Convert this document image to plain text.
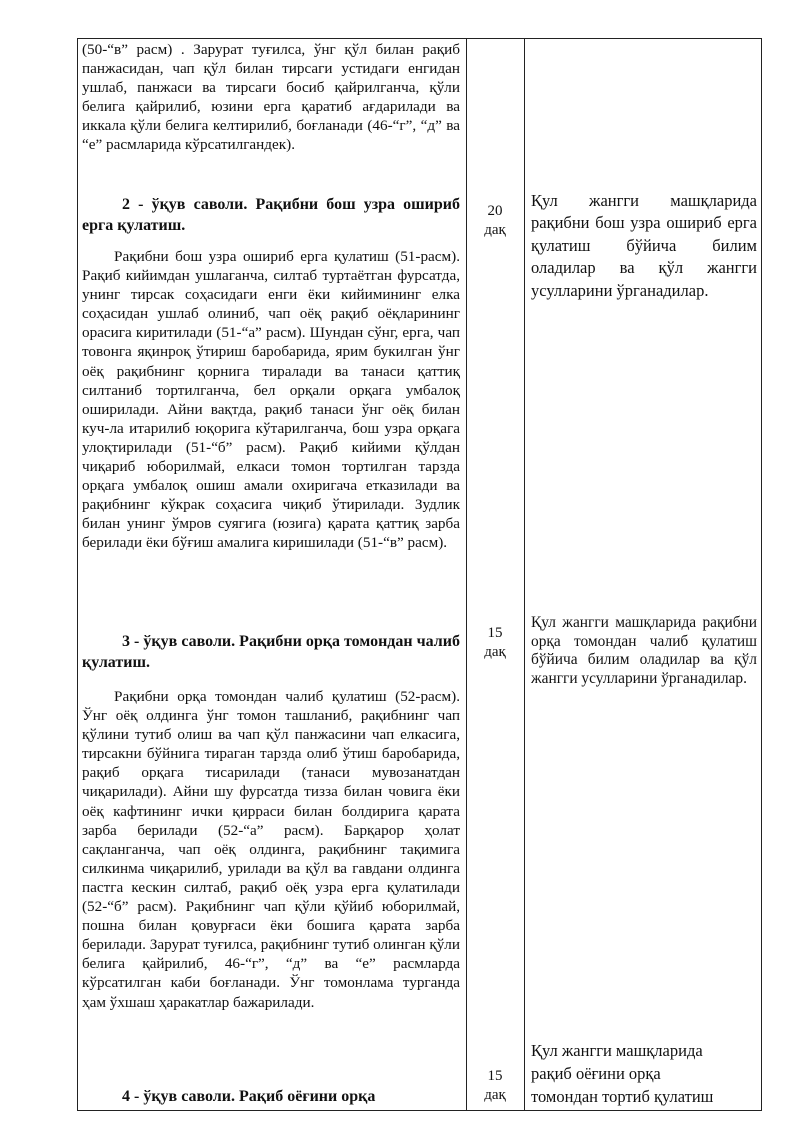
(50-“в” расм) . Зарурат туғилса, ўнг қўл билан рақиб панжасидан, чап қўл билан тирсаги устидаги енгидан ушлаб, панжаси ва тирсаги босиб қайрилганча, қўли белига қайрилиб, юзини ерга қаратиб ағдарилади ва иккала қўли белига келтирилиб, боғланади (46-“г”, “д” ва “е” расмларида кўрсатилгандек).

2 - ўқув саволи. Рақибни бош узра ошириб ерга қулатиш.

Рақибни бош узра ошириб ерга қулатиш (51-расм). Рақиб кийимдан ушлаганча, силтаб туртаётган фурсатда, унинг тирсак соҳасидаги енги ёки кийимининг елка соҳасидан ушлаб олиниб, чап оёқ рақиб оёқларининг орасига киритилади (51-“а” расм). Шундан сўнг, ерга, чап товонга яқинроқ ўтириш баробарида, ярим букилган ўнг оёқ рақибнинг қорнига тиралади ва танаси қаттиқ силтаниб тортилганча, бел орқали орқага умбалоқ оширилади. Айни вақтда, рақиб танаси ўнг оёқ билан куч-ла итарилиб юқорига кўтарилганча, бош узра орқага улоқтирилади (51-“б” расм). Рақиб кийими қўлдан чиқариб юборилмай, елкаси томон тортилган тарзда орқага умбалоқ ошиш амали охиригача етказилади ва рақибнинг кўкрак соҳасига чиқиб ўтирилади. Зудлик билан унинг ўмров суягига (юзига) қарата қаттиқ зарба берилади ёки бўғиш амалига киришилади (51-“в” расм).

3 - ўқув саволи. Рақибни орқа томондан чалиб қулатиш.

Рақибни орқа томондан чалиб қулатиш (52-расм). Ўнг оёқ олдинга ўнг томон ташланиб, рақибнинг чап қўлини тутиб олиш ва чап қўл панжасини чап елкасига, тирсакни бўйнига тираган тарзда олиб ўтиш баробарида, рақиб орқага тисарилади (танаси мувозанатдан чиқарилади). Айни шу фурсатда тизза билан човига ёки оёқ кафтининг ички қирраси билан болдирига қарата зарба берилади (52-“а” расм). Барқарор ҳолат сақланганча, чап оёқ олдинга, рақибнинг тақимига силкинма чиқарилиб, урилади ва қўл ва гавдани олдинга пастга кескин силтаб, рақиб оёқ узра ерга қулатилади (52-“б” расм). Рақибнинг чап қўли қўйиб юборилмай, пошна билан қовурғаси ёки бошига қарата зарба берилади. Зарурат туғилса, рақибнинг тутиб олинган қўли белига қайрилиб, 46-“г”, “д” ва “е” расмларда кўрсатилган каби боғланади. Ўнг томонлама турганда ҳам ўхшаш ҳаракатлар бажарилади.

4 - ўқув саволи. Рақиб оёғини орқа

20
дақ
15
дақ
15
дақ

Қул жангги машқларида рақибни бош узра ошириб ерга қулатиш бўйича билим оладилар ва қўл жангги усулларини ўрганадилар.

Қул жангги машқларида рақибни орқа томондан чалиб қулатиш бўйича билим оладилар ва қўл жангги усулларини ўрганадилар.

Қул жангги машқларида
рақиб оёғини орқа
томондан тортиб қулатиш
